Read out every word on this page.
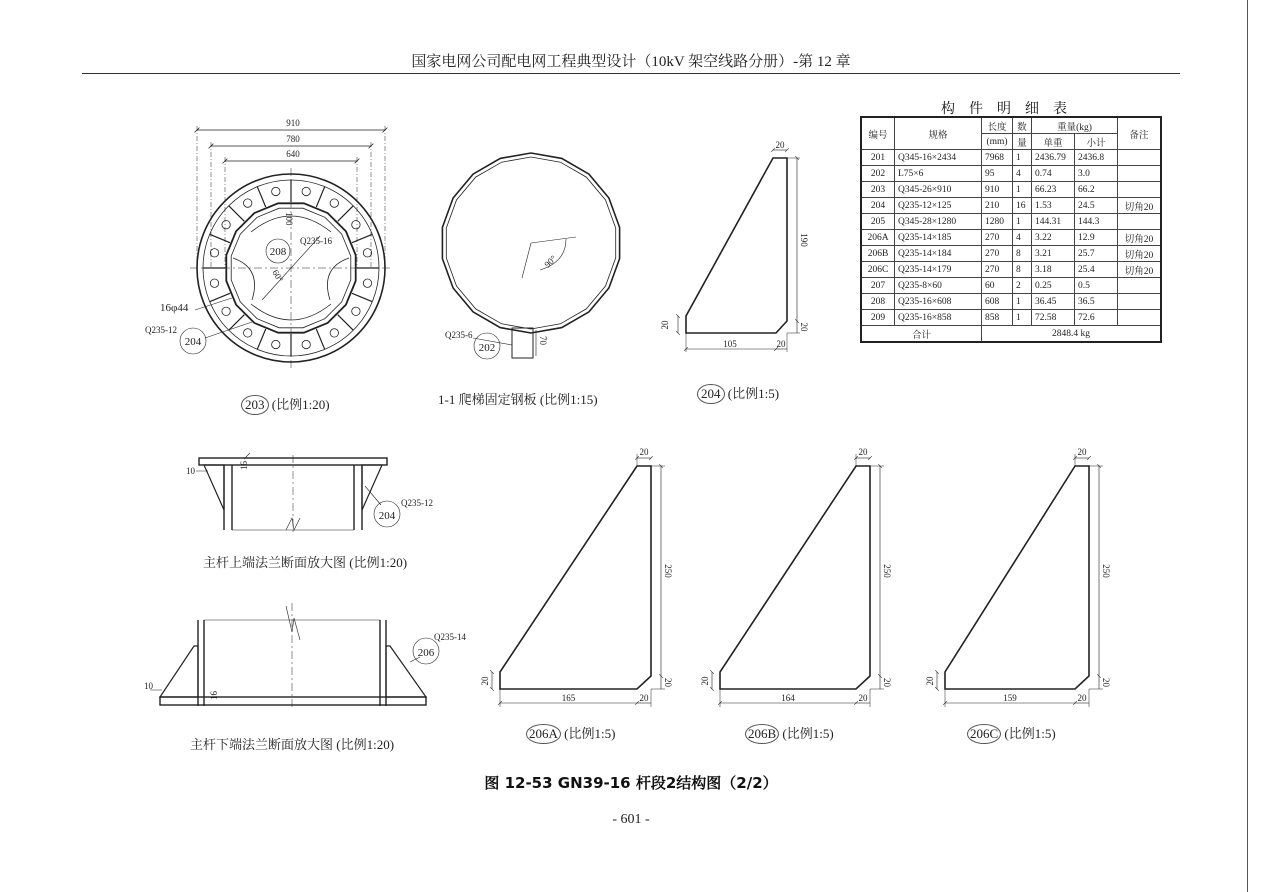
国家电网公司配电网工程典型设计（10kV 架空线路分册）-第 12 章
910
780
640
208
Q235-16
100
60°
16φ44
Q235-12
204
90°
Q235-6
202
70
20
190
20
105	20
20
10
16
Q235-12
204
10
16
Q235-14
206
20
250
20
165	20
20
20
250
20
164	20
20
20
250
20
159	20
20
203 (比例1:20)	1-1 爬梯固定钢板 (比例1:15)	204 (比例1:5)
主杆上端法兰断面放大图 (比例1:20)
主杆下端法兰断面放大图 (比例1:20)
206A (比例1:5)	206B (比例1:5)	206C (比例1:5)
构件明细表
编号	规格	长度	数	重量(kg)		备注
		(mm)	量	单重	小计	
201	Q345-16×2434	7968	1	2436.79	2436.8	
202	L75×6	95	4	0.74	3.0	
203	Q345-26×910	910	1	66.23	66.2	
204	Q235-12×125	210	16	1.53	24.5	切角20
205	Q345-28×1280	1280	1	144.31	144.3	
206A	Q235-14×185	270	4	3.22	12.9	切角20
206B	Q235-14×184	270	8	3.21	25.7	切角20
206C	Q235-14×179	270	8	3.18	25.4	切角20
207	Q235-8×60	60	2	0.25	0.5	
208	Q235-16×608	608	1	36.45	36.5	
209	Q235-16×858	858	1	72.58	72.6	
合计		2848.4 kg				
图 12-53 GN39-16 杆段2结构图（2/2）
- 601 -
